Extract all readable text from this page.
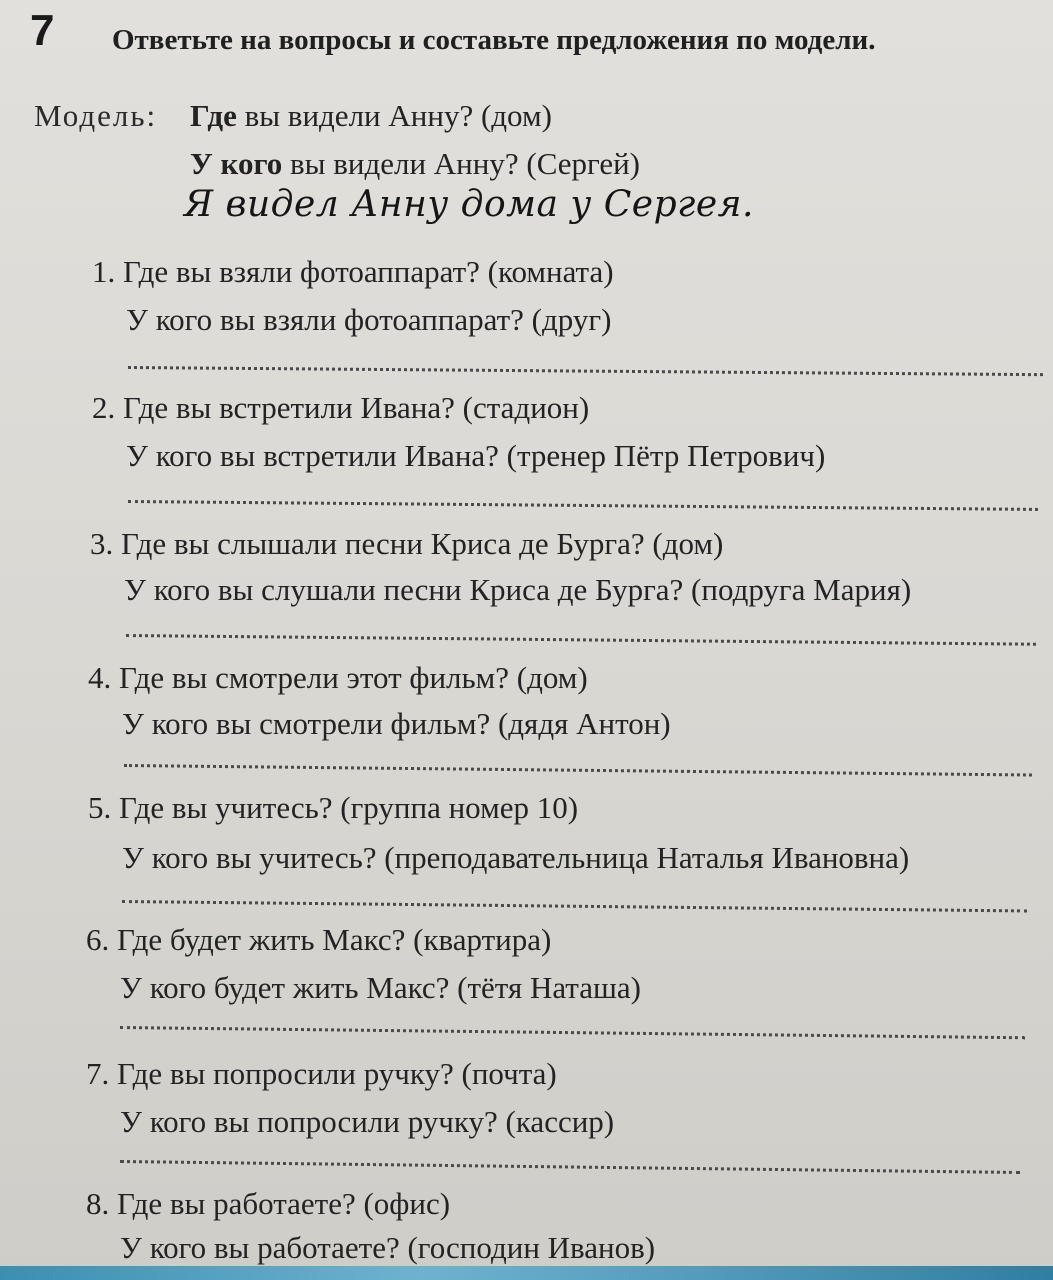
7 Ответьте на вопросы и составьте предложения по модели.
Модель: Где вы видели Анну? (дом)
У кого вы видели Анну? (Сергей)
Я видел Анну дома у Сергея.
1. Где вы взяли фотоаппарат? (комната)
У кого вы взяли фотоаппарат? (друг)
2. Где вы встретили Ивана? (стадион)
У кого вы встретили Ивана? (тренер Пётр Петрович)
3. Где вы слышали песни Криса де Бурга? (дом)
У кого вы слушали песни Криса де Бурга? (подруга Мария)
4. Где вы смотрели этот фильм? (дом)
У кого вы смотрели фильм? (дядя Антон)
5. Где вы учитесь? (группа номер 10)
У кого вы учитесь? (преподавательница Наталья Ивановна)
6. Где будет жить Макс? (квартира)
У кого будет жить Макс? (тётя Наташа)
7. Где вы попросили ручку? (почта)
У кого вы попросили ручку? (кассир)
8. Где вы работаете? (офис)
У кого вы работаете? (господин Иванов)
